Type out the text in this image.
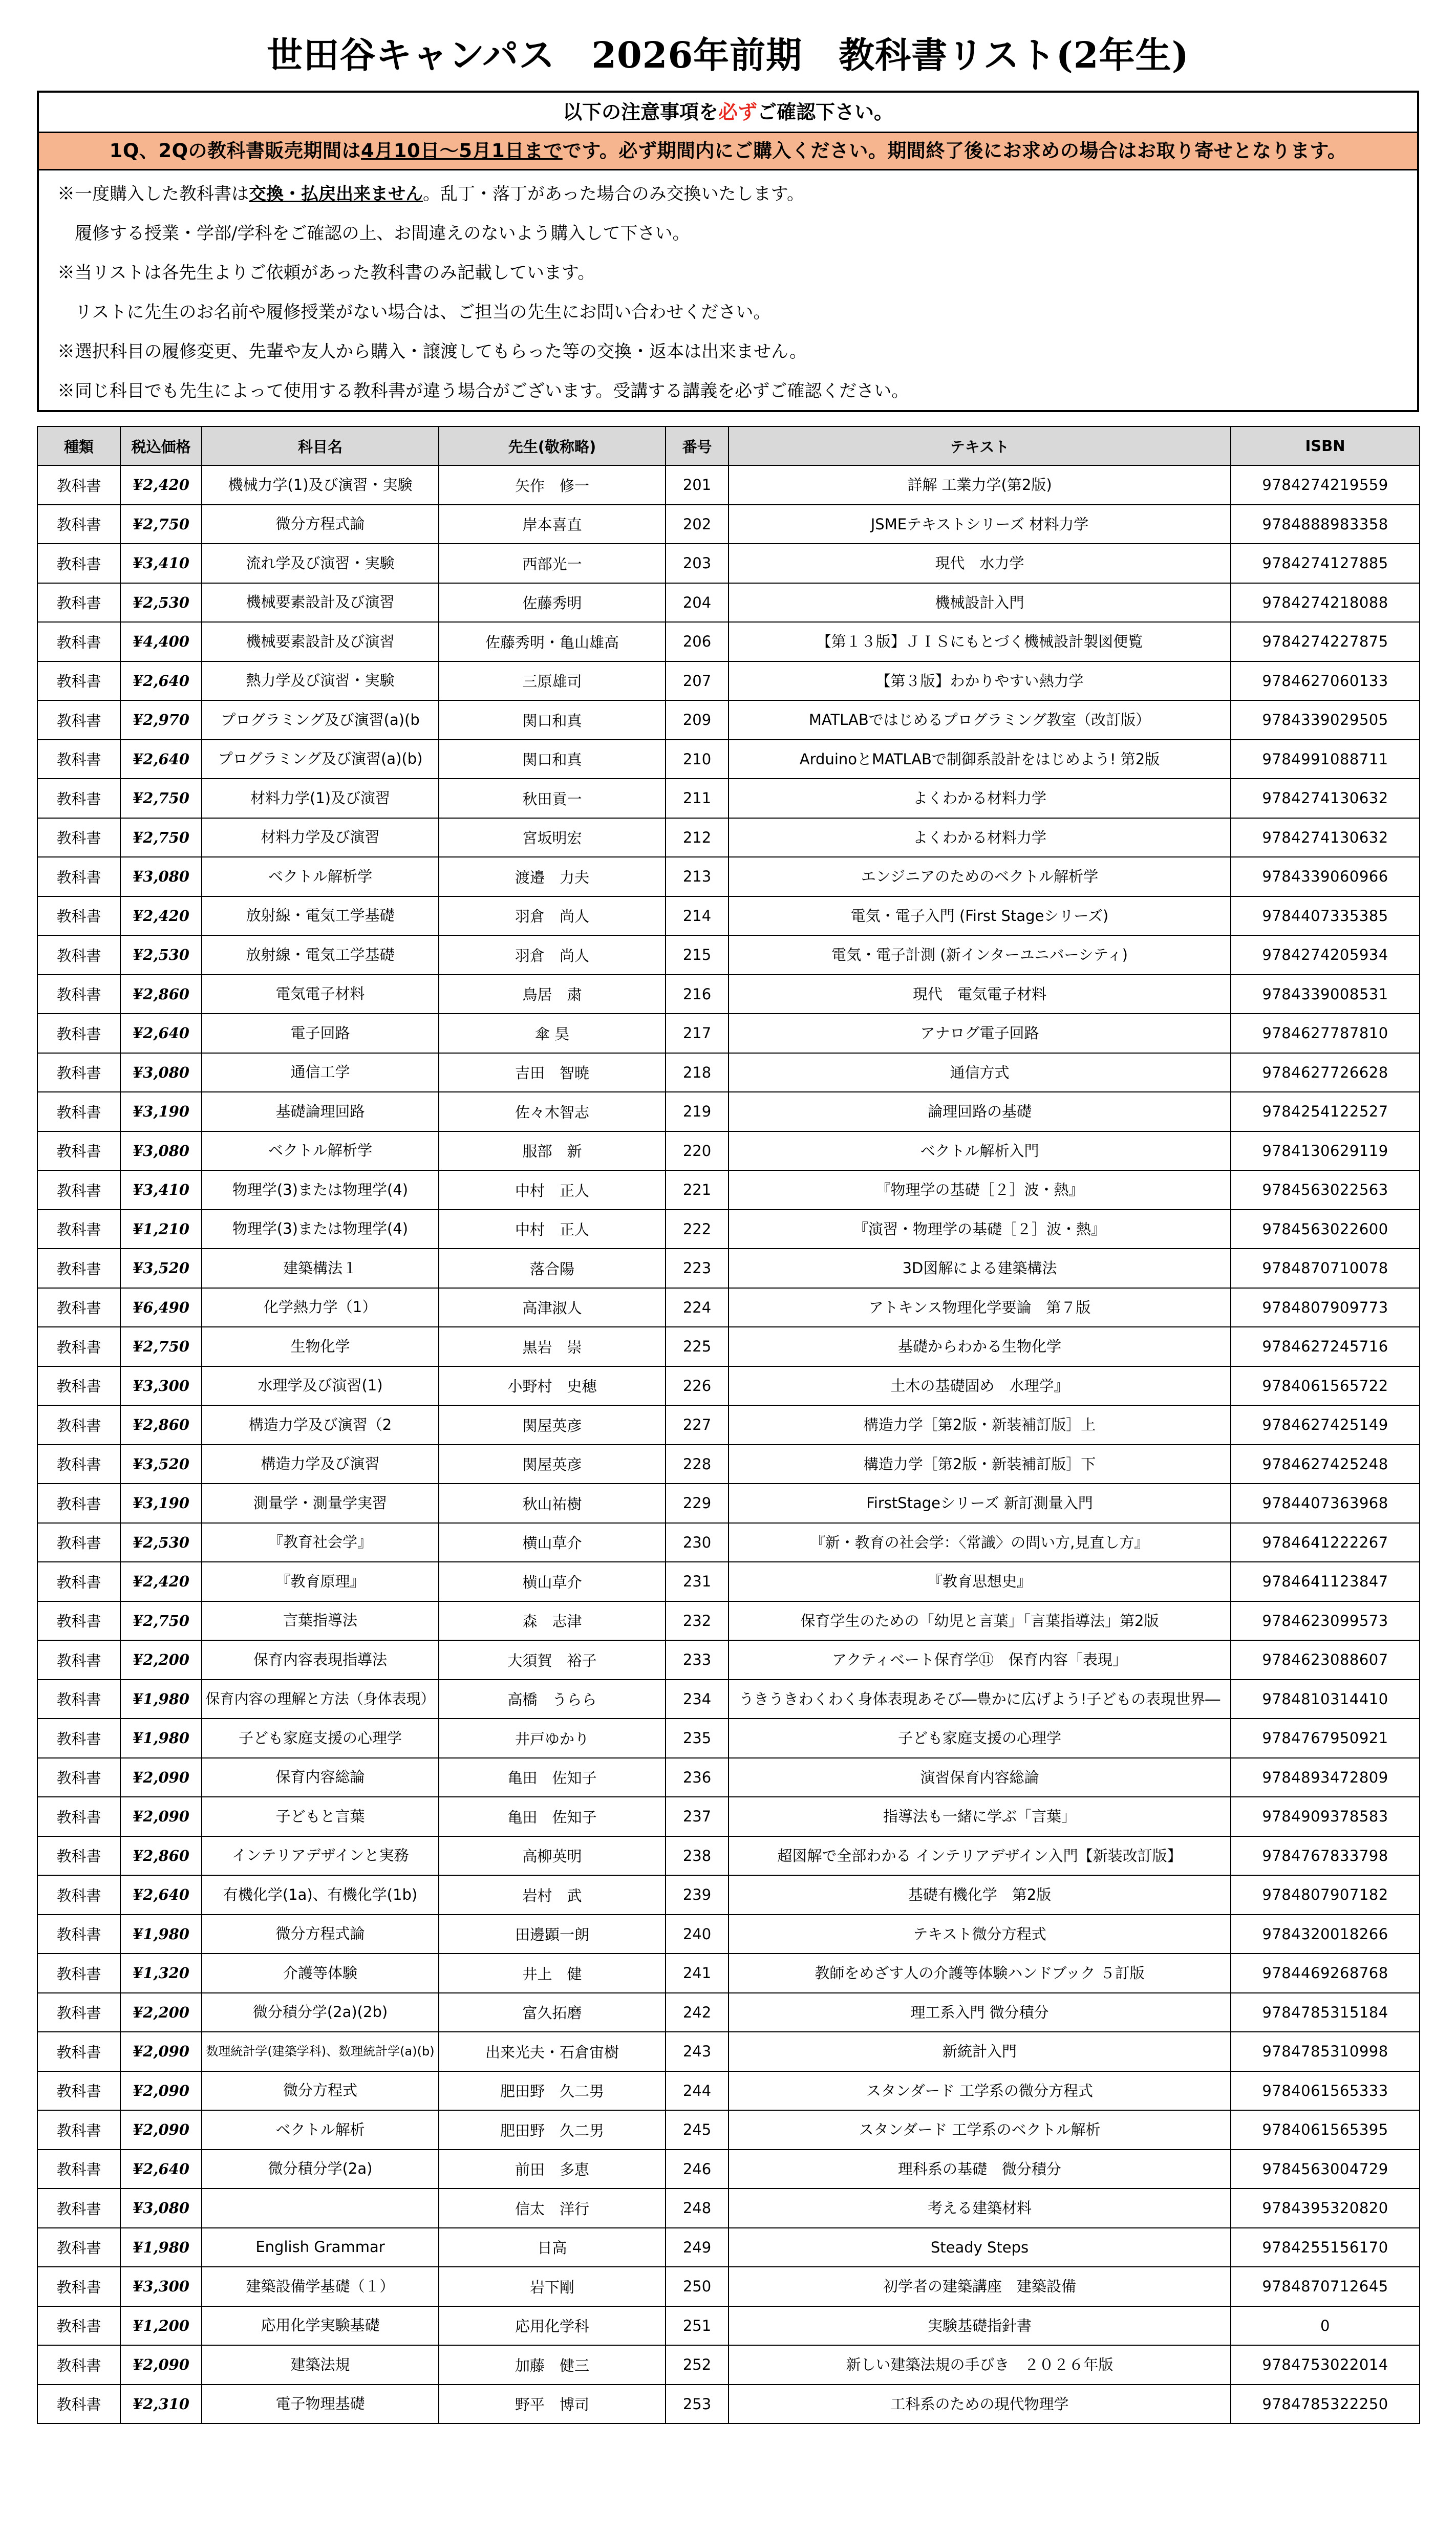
世田谷キャンパス　2026年前期　教科書リスト(2年生)
以下の注意事項を必ずご確認下さい。
1Q、2Qの教科書販売期間は4月10日～5月1日までです。必ず期間内にご購入ください。期間終了後にお求めの場合はお取り寄せとなります。
※一度購入した教科書は交換・払戻出来ません。乱丁・落丁があった場合のみ交換いたします。
　履修する授業・学部/学科をご確認の上、お間違えのないよう購入して下さい。
※当リストは各先生よりご依頼があった教科書のみ記載しています。
　リストに先生のお名前や履修授業がない場合は、ご担当の先生にお問い合わせください。
※選択科目の履修変更、先輩や友人から購入・譲渡してもらった等の交換・返本は出来ません。
※同じ科目でも先生によって使用する教科書が違う場合がございます。受講する講義を必ずご確認ください。
種類	税込価格	科目名	先生(敬称略)	番号	テキスト	ISBN
教科書	¥2,420	機械力学(1)及び演習・実験	矢作　修一	201	詳解 工業力学(第2版)	9784274219559
教科書	¥2,750	微分方程式論	岸本喜直	202	JSMEテキストシリーズ 材料力学	9784888983358
教科書	¥3,410	流れ学及び演習・実験	西部光一	203	現代　水力学	9784274127885
教科書	¥2,530	機械要素設計及び演習	佐藤秀明	204	機械設計入門	9784274218088
教科書	¥4,400	機械要素設計及び演習	佐藤秀明・亀山雄高	206	【第１３版】ＪＩＳにもとづく機械設計製図便覧	9784274227875
教科書	¥2,640	熱力学及び演習・実験	三原雄司	207	【第３版】わかりやすい熱力学	9784627060133
教科書	¥2,970	プログラミング及び演習(a)(b	関口和真	209	MATLABではじめるプログラミング教室（改訂版）	9784339029505
教科書	¥2,640	プログラミング及び演習(a)(b)	関口和真	210	ArduinoとMATLABで制御系設計をはじめよう! 第2版	9784991088711
教科書	¥2,750	材料力学(1)及び演習	秋田貢一	211	よくわかる材料力学	9784274130632
教科書	¥2,750	材料力学及び演習	宮坂明宏	212	よくわかる材料力学	9784274130632
教科書	¥3,080	ベクトル解析学	渡邉　力夫	213	エンジニアのためのベクトル解析学	9784339060966
教科書	¥2,420	放射線・電気工学基礎	羽倉　尚人	214	電気・電子入門 (First Stageシリーズ)	9784407335385
教科書	¥2,530	放射線・電気工学基礎	羽倉　尚人	215	電気・電子計測 (新インターユニバーシティ)	9784274205934
教科書	¥2,860	電気電子材料	鳥居　粛	216	現代　電気電子材料	9784339008531
教科書	¥2,640	電子回路	傘 昊	217	アナログ電子回路	9784627787810
教科書	¥3,080	通信工学	吉田　智暁	218	通信方式	9784627726628
教科書	¥3,190	基礎論理回路	佐々木智志	219	論理回路の基礎	9784254122527
教科書	¥3,080	ベクトル解析学	服部　新	220	ベクトル解析入門	9784130629119
教科書	¥3,410	物理学(3)または物理学(4)	中村　正人	221	『物理学の基礎［２］波・熱』	9784563022563
教科書	¥1,210	物理学(3)または物理学(4)	中村　正人	222	『演習・物理学の基礎［２］波・熱』	9784563022600
教科書	¥3,520	建築構法１	落合陽	223	3D図解による建築構法	9784870710078
教科書	¥6,490	化学熱力学（1）	高津淑人	224	アトキンス物理化学要論　第７版	9784807909773
教科書	¥2,750	生物化学	黒岩　崇	225	基礎からわかる生物化学	9784627245716
教科書	¥3,300	水理学及び演習(1)	小野村　史穂	226	土木の基礎固め　水理学』	9784061565722
教科書	¥2,860	構造力学及び演習（2	関屋英彦	227	構造力学［第2版・新装補訂版］上	9784627425149
教科書	¥3,520	構造力学及び演習	関屋英彦	228	構造力学［第2版・新装補訂版］下	9784627425248
教科書	¥3,190	測量学・測量学実習	秋山祐樹	229	FirstStageシリーズ 新訂測量入門	9784407363968
教科書	¥2,530	『教育社会学』	横山草介	230	『新・教育の社会学：〈常識〉の問い方,見直し方』	9784641222267
教科書	¥2,420	『教育原理』	横山草介	231	『教育思想史』	9784641123847
教科書	¥2,750	言葉指導法	森　志津	232	保育学生のための「幼児と言葉」「言葉指導法」第2版	9784623099573
教科書	¥2,200	保育内容表現指導法	大須賀　裕子	233	アクティベート保育学⑪　保育内容「表現」	9784623088607
教科書	¥1,980	保育内容の理解と方法（身体表現）	高橋　うらら	234	うきうきわくわく身体表現あそび―豊かに広げよう!子どもの表現世界―	9784810314410
教科書	¥1,980	子ども家庭支援の心理学	井戸ゆかり	235	子ども家庭支援の心理学	9784767950921
教科書	¥2,090	保育内容総論	亀田　佐知子	236	演習保育内容総論	9784893472809
教科書	¥2,090	子どもと言葉	亀田　佐知子	237	指導法も一緒に学ぶ「言葉」	9784909378583
教科書	¥2,860	インテリアデザインと実務	高柳英明	238	超図解で全部わかる インテリアデザイン入門【新装改訂版】	9784767833798
教科書	¥2,640	有機化学(1a)、有機化学(1b)	岩村　武	239	基礎有機化学　第2版	9784807907182
教科書	¥1,980	微分方程式論	田邊顕一朗	240	テキスト微分方程式	9784320018266
教科書	¥1,320	介護等体験	井上　健	241	教師をめざす人の介護等体験ハンドブック ５訂版	9784469268768
教科書	¥2,200	微分積分学(2a)(2b)	富久拓磨	242	理工系入門 微分積分	9784785315184
教科書	¥2,090	数理統計学(建築学科)、数理統計学(a)(b)	出来光夫・石倉宙樹	243	新統計入門	9784785310998
教科書	¥2,090	微分方程式	肥田野　久二男	244	スタンダード 工学系の微分方程式	9784061565333
教科書	¥2,090	ベクトル解析	肥田野　久二男	245	スタンダード 工学系のベクトル解析	9784061565395
教科書	¥2,640	微分積分学(2a)	前田　多恵	246	理科系の基礎　微分積分	9784563004729
教科書	¥3,080		信太　洋行	248	考える建築材料	9784395320820
教科書	¥1,980	English Grammar	日高	249	Steady Steps	9784255156170
教科書	¥3,300	建築設備学基礎（１）	岩下剛	250	初学者の建築講座　建築設備	9784870712645
教科書	¥1,200	応用化学実験基礎	応用化学科	251	実験基礎指針書	0
教科書	¥2,090	建築法規	加藤　健三	252	新しい建築法規の手びき　２０２６年版	9784753022014
教科書	¥2,310	電子物理基礎	野平　博司	253	工科系のための現代物理学	9784785322250
